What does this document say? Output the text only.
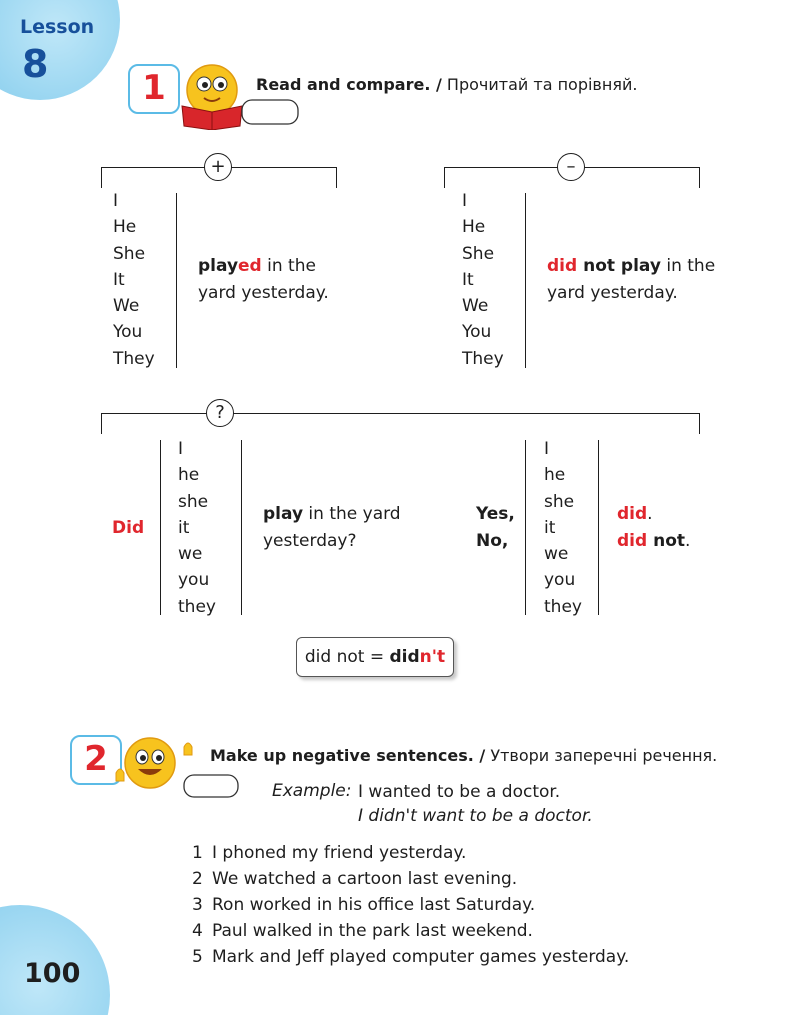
Lesson
8
1	Read and compare. / Прочитай та порівняй.
+
I
He
She
It
We
You
They
played in the
yard yesterday.
–
I
He
She
It
We
You
They
did not play in the
yard yesterday.
?
Did
I
he
she
it
we
you
they
play in the yard
yesterday?
Yes,
No,
I
he
she
it
we
you
they
did.
did not.
did not = didn't
2	Make up negative sentences. / Утвори заперечні речення.
Example: I wanted to be a doctor.
I didn't want to be a doctor.
1 I phoned my friend yesterday.
2 We watched a cartoon last evening.
3 Ron worked in his office last Saturday.
4 Paul walked in the park last weekend.
5 Mark and Jeff played computer games yesterday.
100
